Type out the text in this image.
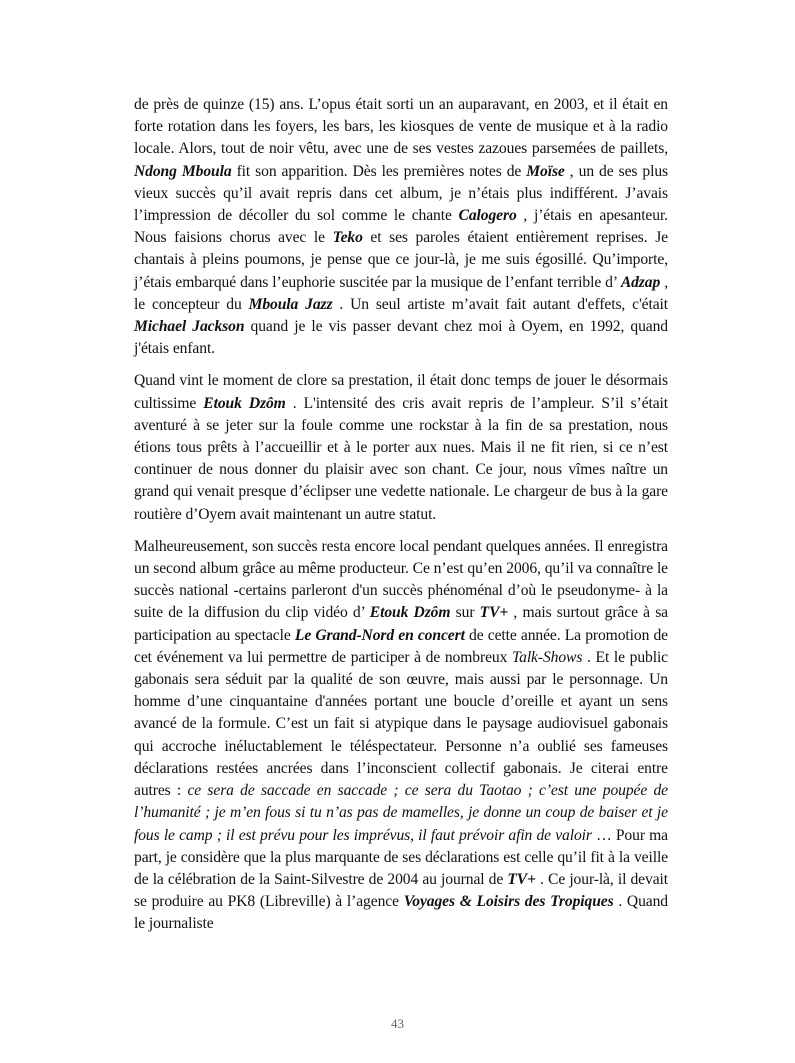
de près de quinze (15) ans. L’opus était sorti un an auparavant, en 2003, et il était en forte rotation dans les foyers, les bars, les kiosques de vente de musique et à la radio locale. Alors, tout de noir vêtu, avec une de ses vestes zazoues parsemées de paillets, Ndong Mboula fit son apparition. Dès les premières notes de Moïse , un de ses plus vieux succès qu’il avait repris dans cet album, je n’étais plus indifférent. J’avais l’impression de décoller du sol comme le chante Calogero , j’étais en apesanteur. Nous faisions chorus avec le Teko et ses paroles étaient entièrement reprises. Je chantais à pleins poumons, je pense que ce jour-là, je me suis égosillé. Qu’importe, j’étais embarqué dans l’euphorie suscitée par la musique de l’enfant terrible d’ Adzap , le concepteur du Mboula Jazz . Un seul artiste m’avait fait autant d'effets, c'était Michael Jackson quand je le vis passer devant chez moi à Oyem, en 1992, quand j'étais enfant.

Quand vint le moment de clore sa prestation, il était donc temps de jouer le désormais cultissime Etouk Dzôm . L'intensité des cris avait repris de l’ampleur. S’il s’était aventuré à se jeter sur la foule comme une rockstar à la fin de sa prestation, nous étions tous prêts à l’accueillir et à le porter aux nues. Mais il ne fit rien, si ce n’est continuer de nous donner du plaisir avec son chant. Ce jour, nous vîmes naître un grand qui venait presque d’éclipser une vedette nationale. Le chargeur de bus à la gare routière d’Oyem avait maintenant un autre statut.

Malheureusement, son succès resta encore local pendant quelques années. Il enregistra un second album grâce au même producteur. Ce n’est qu’en 2006, qu’il va connaître le succès national -certains parleront d'un succès phénoménal d’où le pseudonyme- à la suite de la diffusion du clip vidéo d’ Etouk Dzôm sur TV+ , mais surtout grâce à sa participation au spectacle Le Grand-Nord en concert de cette année. La promotion de cet événement va lui permettre de participer à de nombreux Talk-Shows . Et le public gabonais sera séduit par la qualité de son œuvre, mais aussi par le personnage. Un homme d’une cinquantaine d'années portant une boucle d’oreille et ayant un sens avancé de la formule. C’est un fait si atypique dans le paysage audiovisuel gabonais qui accroche inéluctablement le téléspectateur. Personne n’a oublié ses fameuses déclarations restées ancrées dans l’inconscient collectif gabonais. Je citerai entre autres : ce sera de saccade en saccade ; ce sera du Taotao ; c’est une poupée de l’humanité ; je m’en fous si tu n’as pas de mamelles, je donne un coup de baiser et je fous le camp ; il est prévu pour les imprévus, il faut prévoir afin de valoir … Pour ma part, je considère que la plus marquante de ses déclarations est celle qu’il fit à la veille de la célébration de la Saint-Silvestre de 2004 au journal de TV+ . Ce jour-là, il devait se produire au PK8 (Libreville) à l’agence Voyages & Loisirs des Tropiques . Quand le journaliste

43
